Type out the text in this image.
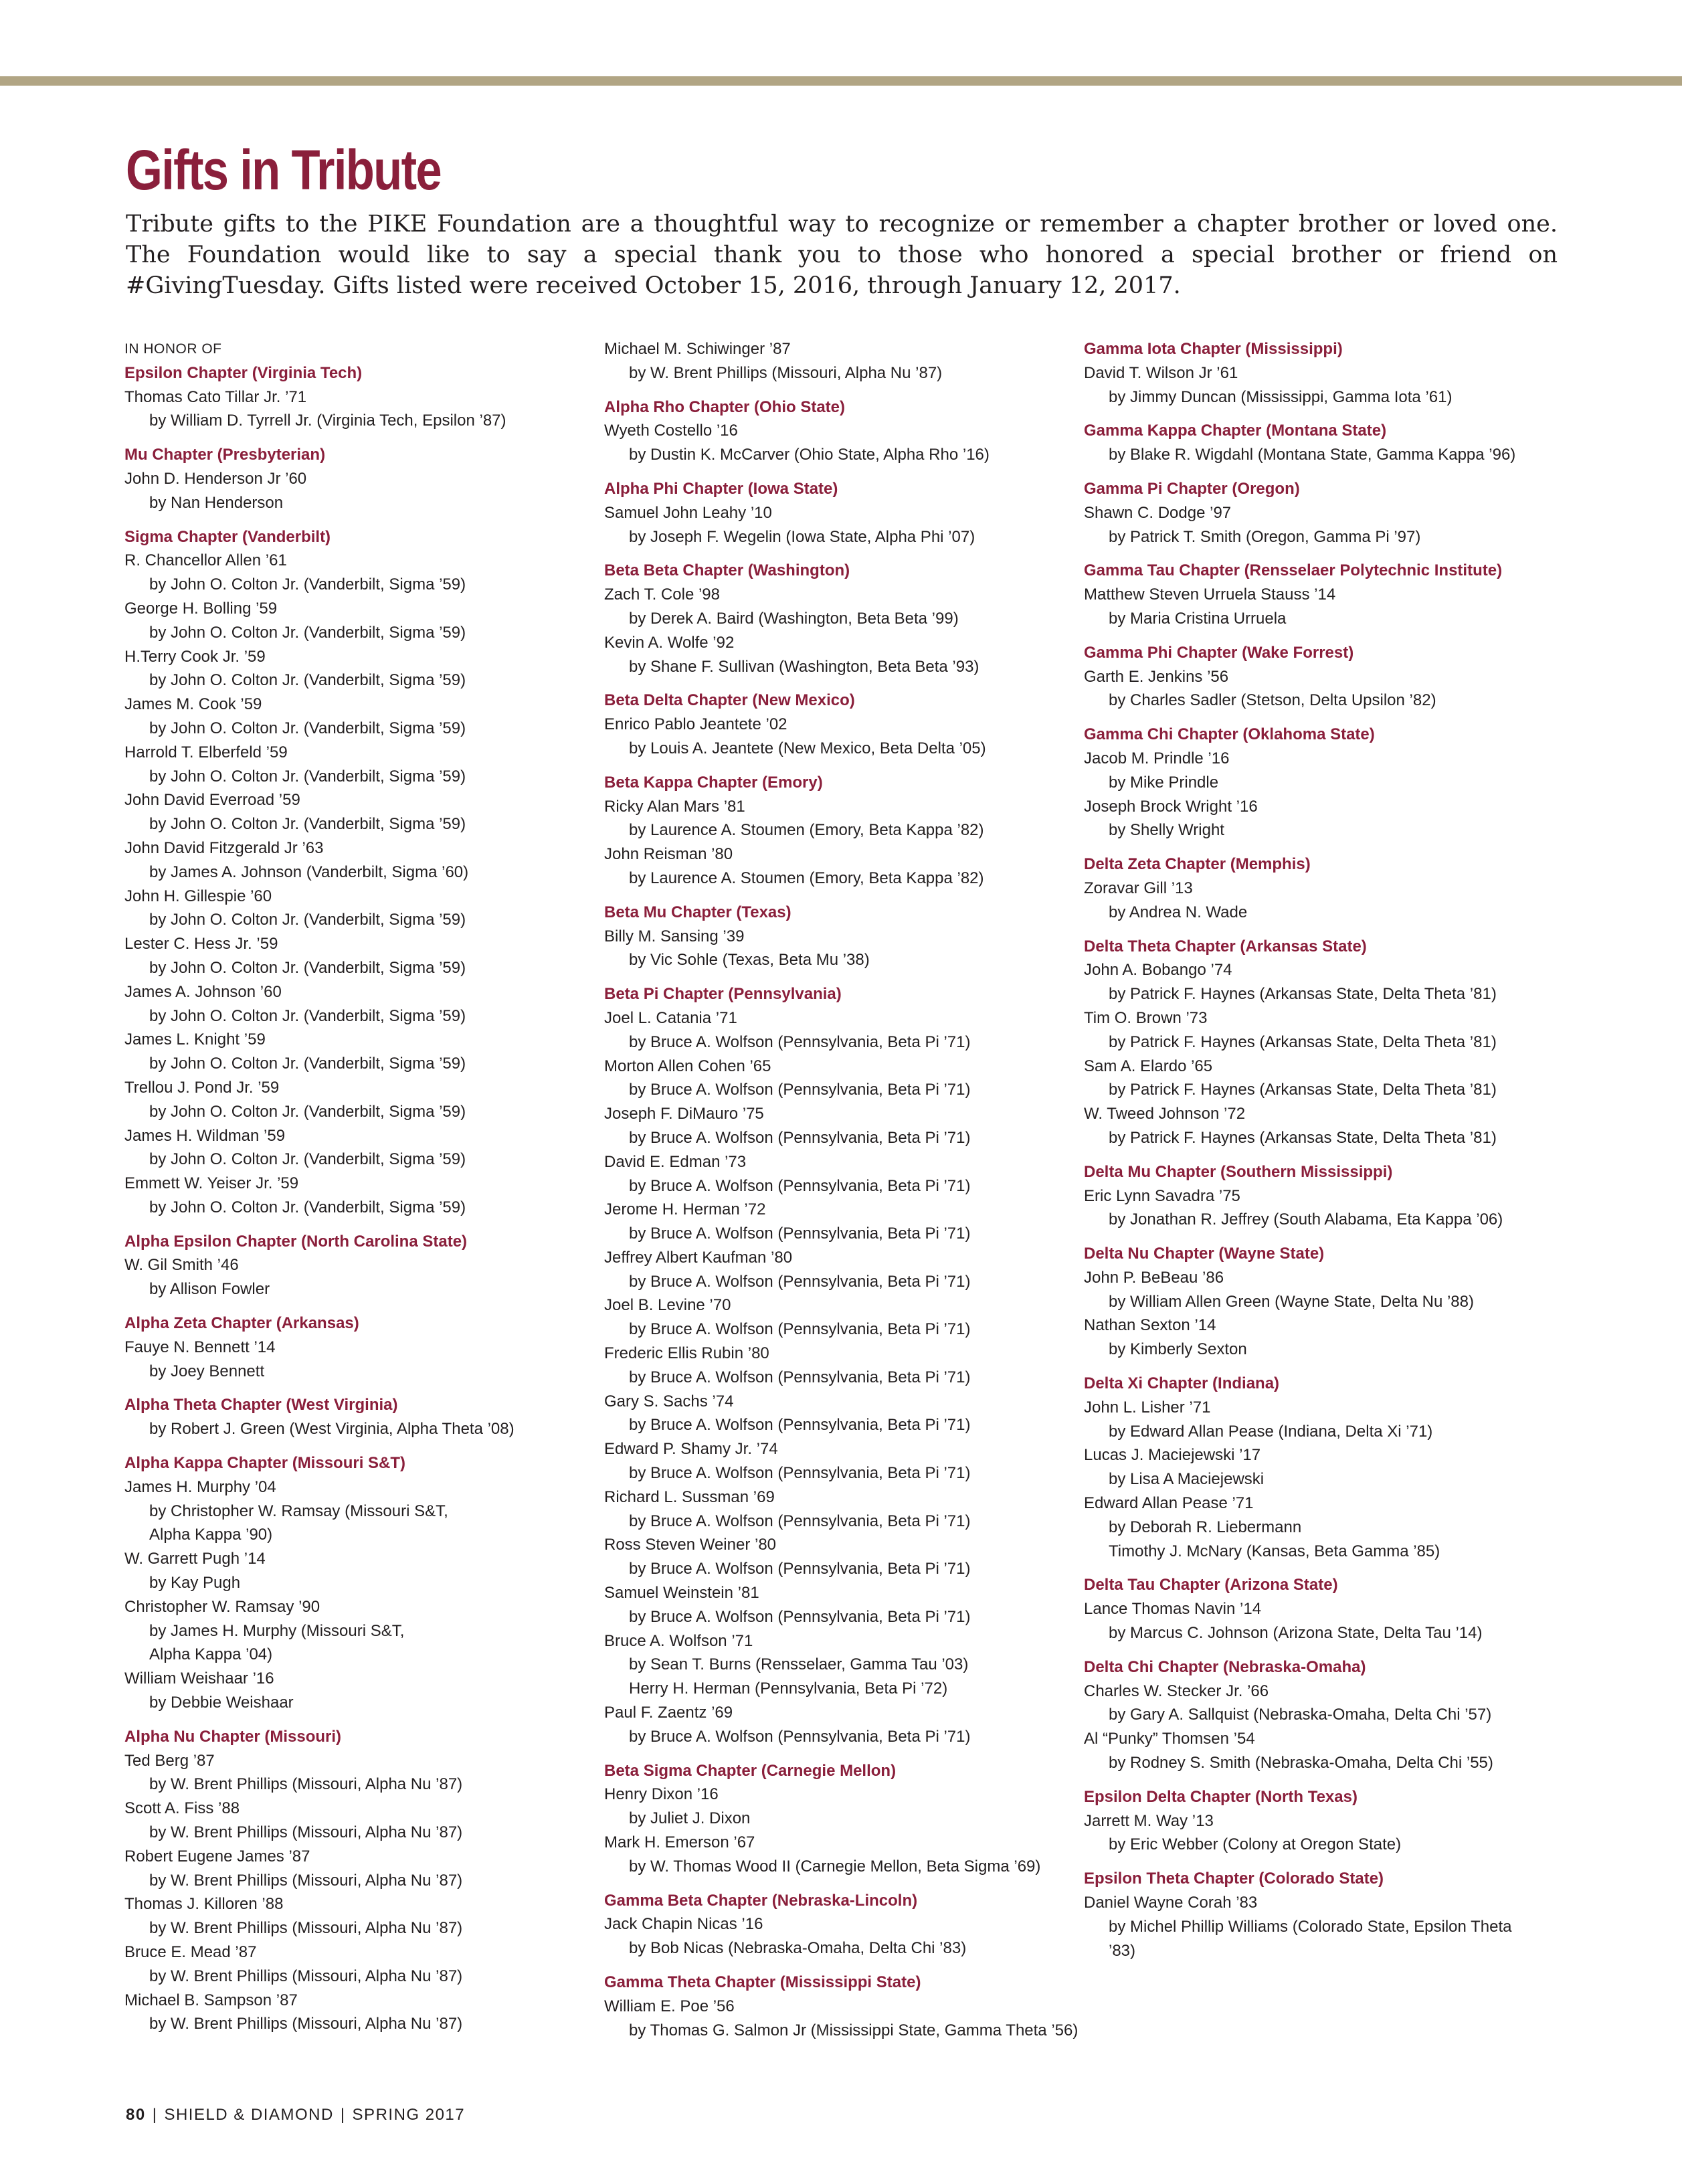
Gifts in Tribute

Tribute gifts to the PIKE Foundation are a thoughtful way to recognize or remember a chapter brother or loved one. The Foundation would like to say a special thank you to those who honored a special brother or friend on #GivingTuesday. Gifts listed were received October 15, 2016, through January 12, 2017.

IN HONOR OF
Epsilon Chapter (Virginia Tech)
Thomas Cato Tillar Jr. ’71
by William D. Tyrrell Jr. (Virginia Tech, Epsilon ’87)
Mu Chapter (Presbyterian)
John D. Henderson Jr ’60
by Nan Henderson
Sigma Chapter (Vanderbilt)
R. Chancellor Allen ’61
by John O. Colton Jr. (Vanderbilt, Sigma ’59)
George H. Bolling ’59
by John O. Colton Jr. (Vanderbilt, Sigma ’59)
H.Terry Cook Jr. ’59
by John O. Colton Jr. (Vanderbilt, Sigma ’59)
James M. Cook ’59
by John O. Colton Jr. (Vanderbilt, Sigma ’59)
Harrold T. Elberfeld ’59
by John O. Colton Jr. (Vanderbilt, Sigma ’59)
John David Everroad ’59
by John O. Colton Jr. (Vanderbilt, Sigma ’59)
John David Fitzgerald Jr ’63
by James A. Johnson (Vanderbilt, Sigma ’60)
John H. Gillespie ’60
by John O. Colton Jr. (Vanderbilt, Sigma ’59)
Lester C. Hess Jr. ’59
by John O. Colton Jr. (Vanderbilt, Sigma ’59)
James A. Johnson ’60
by John O. Colton Jr. (Vanderbilt, Sigma ’59)
James L. Knight ’59
by John O. Colton Jr. (Vanderbilt, Sigma ’59)
Trellou J. Pond Jr. ’59
by John O. Colton Jr. (Vanderbilt, Sigma ’59)
James H. Wildman ’59
by John O. Colton Jr. (Vanderbilt, Sigma ’59)
Emmett W. Yeiser Jr. ’59
by John O. Colton Jr. (Vanderbilt, Sigma ’59)
Alpha Epsilon Chapter (North Carolina State)
W. Gil Smith ’46
by Allison Fowler
Alpha Zeta Chapter (Arkansas)
Fauye N. Bennett ’14
by Joey Bennett
Alpha Theta Chapter (West Virginia)
by Robert J. Green (West Virginia, Alpha Theta ’08)
Alpha Kappa Chapter (Missouri S&T)
James H. Murphy ’04
by Christopher W. Ramsay (Missouri S&T,
Alpha Kappa ’90)
W. Garrett Pugh ’14
by Kay Pugh
Christopher W. Ramsay ’90
by James H. Murphy (Missouri S&T,
Alpha Kappa ’04)
William Weishaar ’16
by Debbie Weishaar
Alpha Nu Chapter (Missouri)
Ted Berg ’87
by W. Brent Phillips (Missouri, Alpha Nu ’87)
Scott A. Fiss ’88
by W. Brent Phillips (Missouri, Alpha Nu ’87)
Robert Eugene James ’87
by W. Brent Phillips (Missouri, Alpha Nu ’87)
Thomas J. Killoren ’88
by W. Brent Phillips (Missouri, Alpha Nu ’87)
Bruce E. Mead ’87
by W. Brent Phillips (Missouri, Alpha Nu ’87)
Michael B. Sampson ’87
by W. Brent Phillips (Missouri, Alpha Nu ’87)
Michael M. Schiwinger ’87
by W. Brent Phillips (Missouri, Alpha Nu ’87)
Alpha Rho Chapter (Ohio State)
Wyeth Costello ’16
by Dustin K. McCarver (Ohio State, Alpha Rho ’16)
Alpha Phi Chapter (Iowa State)
Samuel John Leahy ’10
by Joseph F. Wegelin (Iowa State, Alpha Phi ’07)
Beta Beta Chapter (Washington)
Zach T. Cole ’98
by Derek A. Baird (Washington, Beta Beta ’99)
Kevin A. Wolfe ’92
by Shane F. Sullivan (Washington, Beta Beta ’93)
Beta Delta Chapter (New Mexico)
Enrico Pablo Jeantete ’02
by Louis A. Jeantete (New Mexico, Beta Delta ’05)
Beta Kappa Chapter (Emory)
Ricky Alan Mars ’81
by Laurence A. Stoumen (Emory, Beta Kappa ’82)
John Reisman ’80
by Laurence A. Stoumen (Emory, Beta Kappa ’82)
Beta Mu Chapter (Texas)
Billy M. Sansing ’39
by Vic Sohle (Texas, Beta Mu ’38)
Beta Pi Chapter (Pennsylvania)
Joel L. Catania ’71
by Bruce A. Wolfson (Pennsylvania, Beta Pi ’71)
Morton Allen Cohen ’65
by Bruce A. Wolfson (Pennsylvania, Beta Pi ’71)
Joseph F. DiMauro ’75
by Bruce A. Wolfson (Pennsylvania, Beta Pi ’71)
David E. Edman ’73
by Bruce A. Wolfson (Pennsylvania, Beta Pi ’71)
Jerome H. Herman ’72
by Bruce A. Wolfson (Pennsylvania, Beta Pi ’71)
Jeffrey Albert Kaufman ’80
by Bruce A. Wolfson (Pennsylvania, Beta Pi ’71)
Joel B. Levine ’70
by Bruce A. Wolfson (Pennsylvania, Beta Pi ’71)
Frederic Ellis Rubin ’80
by Bruce A. Wolfson (Pennsylvania, Beta Pi ’71)
Gary S. Sachs ’74
by Bruce A. Wolfson (Pennsylvania, Beta Pi ’71)
Edward P. Shamy Jr. ’74
by Bruce A. Wolfson (Pennsylvania, Beta Pi ’71)
Richard L. Sussman ’69
by Bruce A. Wolfson (Pennsylvania, Beta Pi ’71)
Ross Steven Weiner ’80
by Bruce A. Wolfson (Pennsylvania, Beta Pi ’71)
Samuel Weinstein ’81
by Bruce A. Wolfson (Pennsylvania, Beta Pi ’71)
Bruce A. Wolfson ’71
by Sean T. Burns (Rensselaer, Gamma Tau ’03)
Herry H. Herman (Pennsylvania, Beta Pi ’72)
Paul F. Zaentz ’69
by Bruce A. Wolfson (Pennsylvania, Beta Pi ’71)
Beta Sigma Chapter (Carnegie Mellon)
Henry Dixon ’16
by Juliet J. Dixon
Mark H. Emerson ’67
by W. Thomas Wood II (Carnegie Mellon, Beta Sigma ’69)
Gamma Beta Chapter (Nebraska-Lincoln)
Jack Chapin Nicas ’16
by Bob Nicas (Nebraska-Omaha, Delta Chi ’83)
Gamma Theta Chapter (Mississippi State)
William E. Poe ’56
by Thomas G. Salmon Jr (Mississippi State, Gamma Theta ’56)
Gamma Iota Chapter (Mississippi)
David T. Wilson Jr ’61
by Jimmy Duncan (Mississippi, Gamma Iota ’61)
Gamma Kappa Chapter (Montana State)
by Blake R. Wigdahl (Montana State, Gamma Kappa ’96)
Gamma Pi Chapter (Oregon)
Shawn C. Dodge ’97
by Patrick T. Smith (Oregon, Gamma Pi ’97)
Gamma Tau Chapter (Rensselaer Polytechnic Institute)
Matthew Steven Urruela Stauss ’14
by Maria Cristina Urruela
Gamma Phi Chapter (Wake Forrest)
Garth E. Jenkins ’56
by Charles Sadler (Stetson, Delta Upsilon ’82)
Gamma Chi Chapter (Oklahoma State)
Jacob M. Prindle ’16
by Mike Prindle
Joseph Brock Wright ’16
by Shelly Wright
Delta Zeta Chapter (Memphis)
Zoravar Gill ’13
by Andrea N. Wade
Delta Theta Chapter (Arkansas State)
John A. Bobango ’74
by Patrick F. Haynes (Arkansas State, Delta Theta ’81)
Tim O. Brown ’73
by Patrick F. Haynes (Arkansas State, Delta Theta ’81)
Sam A. Elardo ’65
by Patrick F. Haynes (Arkansas State, Delta Theta ’81)
W. Tweed Johnson ’72
by Patrick F. Haynes (Arkansas State, Delta Theta ’81)
Delta Mu Chapter (Southern Mississippi)
Eric Lynn Savadra ’75
by Jonathan R. Jeffrey (South Alabama, Eta Kappa ’06)
Delta Nu Chapter (Wayne State)
John P. BeBeau ’86
by William Allen Green (Wayne State, Delta Nu ’88)
Nathan Sexton ’14
by Kimberly Sexton
Delta Xi Chapter (Indiana)
John L. Lisher ’71
by Edward Allan Pease (Indiana, Delta Xi ’71)
Lucas J. Maciejewski ’17
by Lisa A Maciejewski
Edward Allan Pease ’71
by Deborah R. Liebermann
Timothy J. McNary (Kansas, Beta Gamma ’85)
Delta Tau Chapter (Arizona State)
Lance Thomas Navin ’14
by Marcus C. Johnson (Arizona State, Delta Tau ’14)
Delta Chi Chapter (Nebraska-Omaha)
Charles W. Stecker Jr. ’66
by Gary A. Sallquist (Nebraska-Omaha, Delta Chi ’57)
Al “Punky” Thomsen ’54
by Rodney S. Smith (Nebraska-Omaha, Delta Chi ’55)
Epsilon Delta Chapter (North Texas)
Jarrett M. Way ’13
by Eric Webber (Colony at Oregon State)
Epsilon Theta Chapter (Colorado State)
Daniel Wayne Corah ’83
by Michel Phillip Williams (Colorado State, Epsilon Theta
’83)
80 | SHIELD & DIAMOND | SPRING 2017
